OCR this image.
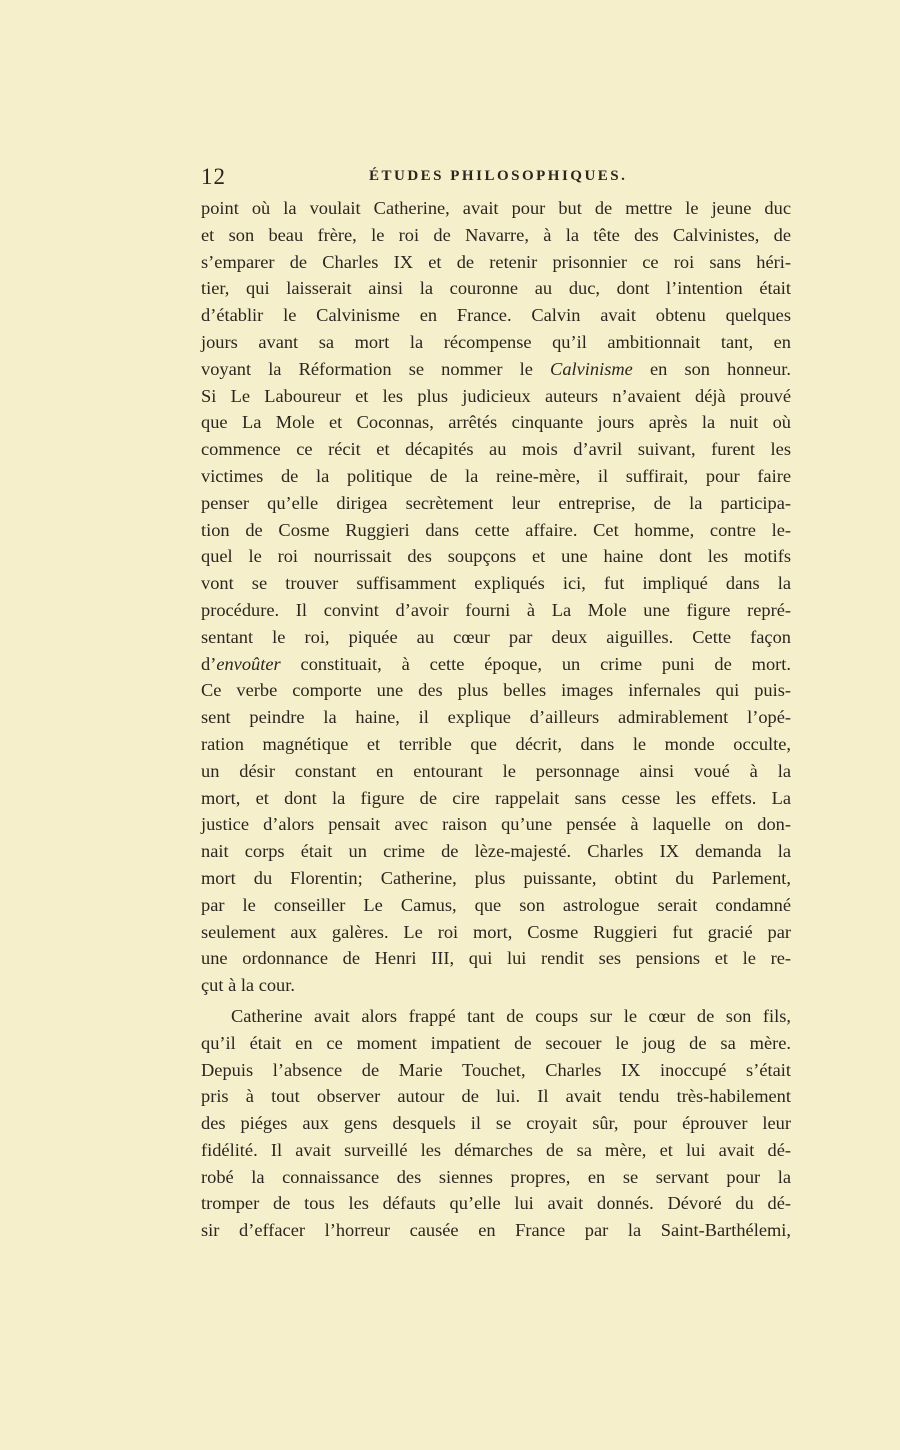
12	ÉTUDES PHILOSOPHIQUES.
point où la voulait Catherine, avait pour but de mettre le jeune duc
et son beau frère, le roi de Navarre, à la tête des Calvinistes, de
s’emparer de Charles IX et de retenir prisonnier ce roi sans héri-
tier, qui laisserait ainsi la couronne au duc, dont l’intention était
d’établir le Calvinisme en France. Calvin avait obtenu quelques
jours avant sa mort la récompense qu’il ambitionnait tant, en
voyant la Réformation se nommer le Calvinisme en son honneur.
Si Le Laboureur et les plus judicieux auteurs n’avaient déjà prouvé
que La Mole et Coconnas, arrêtés cinquante jours après la nuit où
commence ce récit et décapités au mois d’avril suivant, furent les
victimes de la politique de la reine-mère, il suffirait, pour faire
penser qu’elle dirigea secrètement leur entreprise, de la participa-
tion de Cosme Ruggieri dans cette affaire. Cet homme, contre le-
quel le roi nourrissait des soupçons et une haine dont les motifs
vont se trouver suffisamment expliqués ici, fut impliqué dans la
procédure. Il convint d’avoir fourni à La Mole une figure repré-
sentant le roi, piquée au cœur par deux aiguilles. Cette façon
d’envoûter constituait, à cette époque, un crime puni de mort.
Ce verbe comporte une des plus belles images infernales qui puis-
sent peindre la haine, il explique d’ailleurs admirablement l’opé-
ration magnétique et terrible que décrit, dans le monde occulte,
un désir constant en entourant le personnage ainsi voué à la
mort, et dont la figure de cire rappelait sans cesse les effets. La
justice d’alors pensait avec raison qu’une pensée à laquelle on don-
nait corps était un crime de lèze-majesté. Charles IX demanda la
mort du Florentin; Catherine, plus puissante, obtint du Parlement,
par le conseiller Le Camus, que son astrologue serait condamné
seulement aux galères. Le roi mort, Cosme Ruggieri fut gracié par
une ordonnance de Henri III, qui lui rendit ses pensions et le re-
çut à la cour.
Catherine avait alors frappé tant de coups sur le cœur de son fils,
qu’il était en ce moment impatient de secouer le joug de sa mère.
Depuis l’absence de Marie Touchet, Charles IX inoccupé s’était
pris à tout observer autour de lui. Il avait tendu très-habilement
des piéges aux gens desquels il se croyait sûr, pour éprouver leur
fidélité. Il avait surveillé les démarches de sa mère, et lui avait dé-
robé la connaissance des siennes propres, en se servant pour la
tromper de tous les défauts qu’elle lui avait donnés. Dévoré du dé-
sir d’effacer l’horreur causée en France par la Saint-Barthélemi,
